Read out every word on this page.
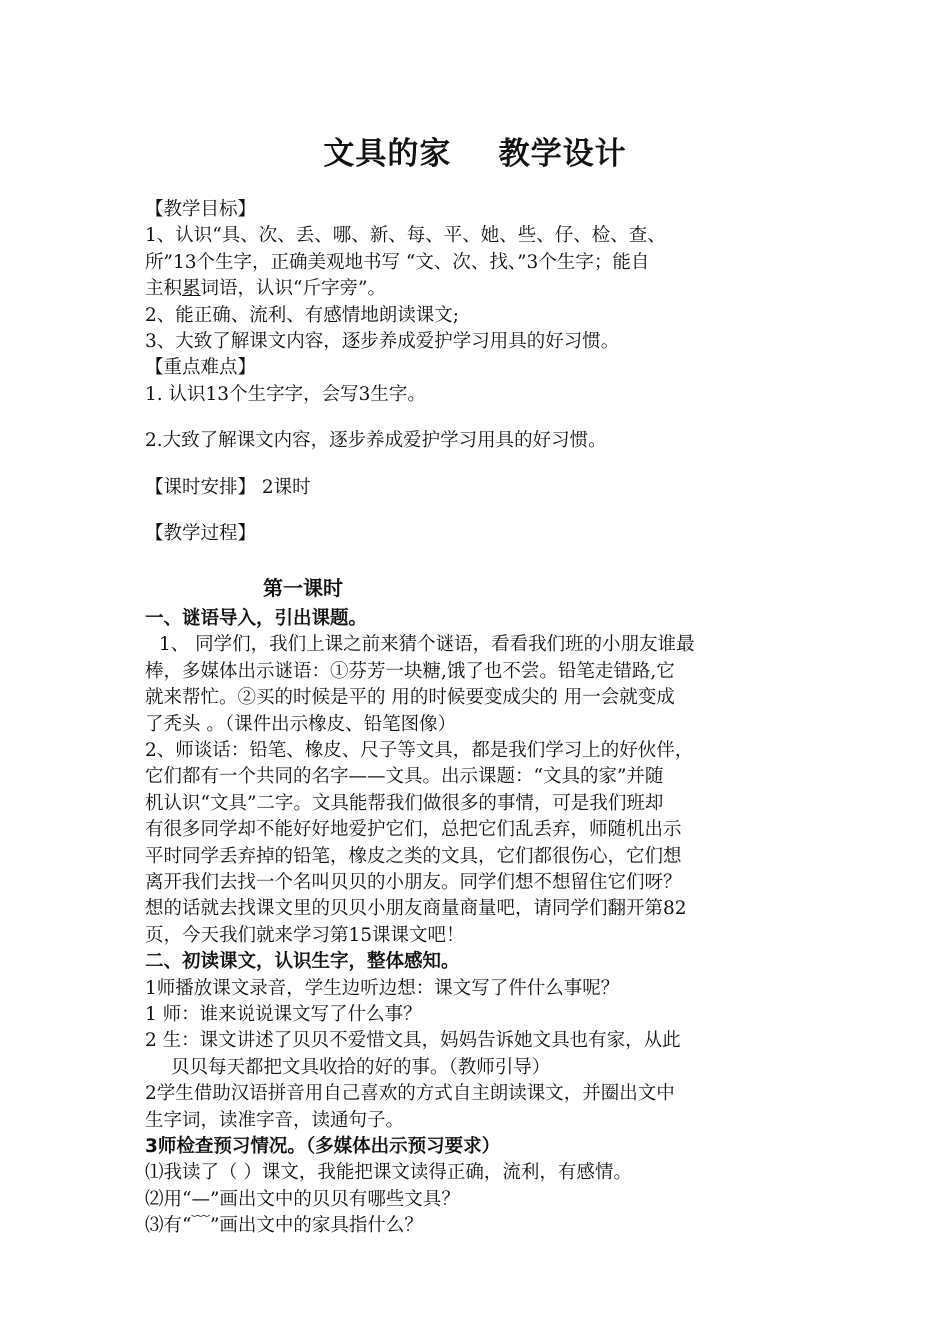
文具的家    教学设计
【教学目标】
1、认识“具、次、丢、哪、新、每、平、她、些、仔、检、查、
所”13个生字，正确美观地书写 “文、次、找、”3个生字；能自
主积累词语，认识“斤字旁”。
2、能正确、流利、有感情地朗读课文;
3、大致了解课文内容，逐步养成爱护学习用具的好习惯。
【重点难点】
1. 认识13个生字字，会写3生字。
2.大致了解课文内容，逐步养成爱护学习用具的好习惯。
【课时安排】 2课时
【教学过程】
第一课时
一、谜语导入，引出课题。
1、 同学们，我们上课之前来猜个谜语，看看我们班的小朋友谁最
棒，多媒体出示谜语：①芬芳一块糖,饿了也不尝。铅笔走错路,它
就来帮忙。②买的时候是平的 用的时候要变成尖的 用一会就变成
了秃头 。（课件出示橡皮、铅笔图像）
2、师谈话：铅笔、橡皮、尺子等文具，都是我们学习上的好伙伴，
它们都有一个共同的名字——文具。出示课题：“文具的家”并随
机认识“文具”二字。文具能帮我们做很多的事情，可是我们班却
有很多同学却不能好好地爱护它们，总把它们乱丢弃，师随机出示
平时同学丢弃掉的铅笔，橡皮之类的文具，它们都很伤心，它们想
离开我们去找一个名叫贝贝的小朋友。同学们想不想留住它们呀？
想的话就去找课文里的贝贝小朋友商量商量吧，请同学们翻开第82
页，今天我们就来学习第15课课文吧！
二、初读课文，认识生字，整体感知。
1师播放课文录音，学生边听边想：课文写了件什么事呢？
1 师：谁来说说课文写了什么事？
2 生：课文讲述了贝贝不爱惜文具，妈妈告诉她文具也有家，从此
贝贝每天都把文具收拾的好的事。（教师引导）
2学生借助汉语拼音用自己喜欢的方式自主朗读课文，并圈出文中
生字词，读准字音，读通句子。
3师检查预习情况。（多媒体出示预习要求）
⑴我读了（ ）课文，我能把课文读得正确，流利，有感情。
⑵用“—”画出文中的贝贝有哪些文具？
⑶有“﹋”画出文中的家具指什么？
